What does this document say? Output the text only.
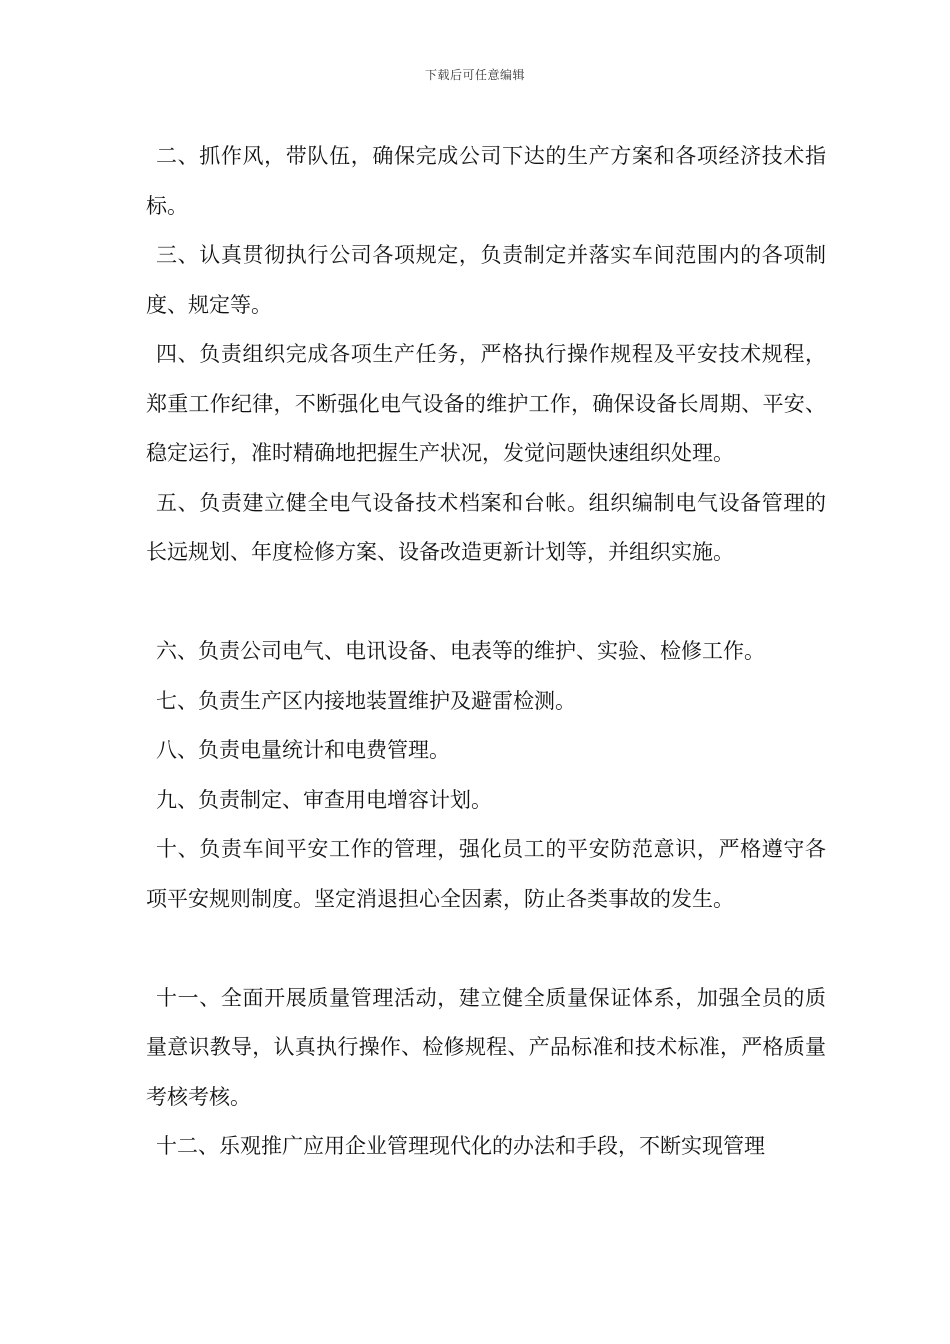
下载后可任意编辑

二、抓作风，带队伍，确保完成公司下达的生产方案和各项经济技术指标。

三、认真贯彻执行公司各项规定，负责制定并落实车间范围内的各项制度、规定等。

四、负责组织完成各项生产任务，严格执行操作规程及平安技术规程，郑重工作纪律，不断强化电气设备的维护工作，确保设备长周期、平安、稳定运行，准时精确地把握生产状况，发觉问题快速组织处理。

五、负责建立健全电气设备技术档案和台帐。组织编制电气设备管理的长远规划、年度检修方案、设备改造更新计划等，并组织实施。

六、负责公司电气、电讯设备、电表等的维护、实验、检修工作。

七、负责生产区内接地装置维护及避雷检测。

八、负责电量统计和电费管理。

九、负责制定、审查用电增容计划。

十、负责车间平安工作的管理，强化员工的平安防范意识，严格遵守各项平安规则制度。坚定消退担心全因素，防止各类事故的发生。

十一、全面开展质量管理活动，建立健全质量保证体系，加强全员的质量意识教导，认真执行操作、检修规程、产品标准和技术标准，严格质量考核考核。

十二、乐观推广应用企业管理现代化的办法和手段，不断实现管理
